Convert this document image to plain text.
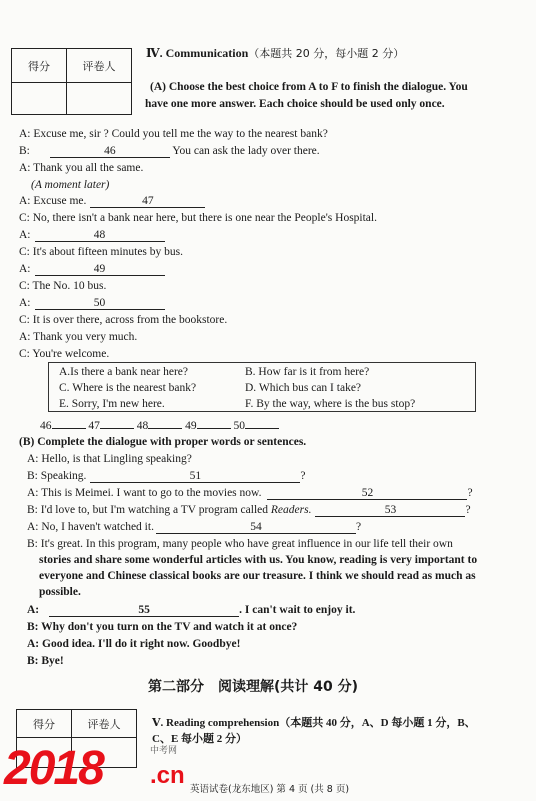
得分	评卷人

Ⅳ. Communication（本题共 20 分，每小题 2 分）
(A) Choose the best choice from A to F to finish the dialogue. You
have one more answer. Each choice should be used only once.
A: Excuse me, sir ? Could you tell me the way to the nearest bank?
B:	46	You can ask the lady over there.
A: Thank you all the same.
(A moment later)
A: Excuse me.	47
C: No, there isn't a bank near here, but there is one near the People's Hospital.
A:	48
C: It's about fifteen minutes by bus.
A:	49
C: The No. 10 bus.
A:	50
C: It is over there, across from the bookstore.
A: Thank you very much.
C: You're welcome.
A.Is there a bank near here?	B. How far is it from here?
C. Where is the nearest bank?	D. Which bus can I take?
E. Sorry, I'm new here.	F. By the way, where is the bus stop?
46	47	48	49	50
(B) Complete the dialogue with proper words or sentences.
A: Hello, is that Lingling speaking?
B: Speaking.	51	?
A: This is Meimei. I want to go to the movies now.	52	?
B: I'd love to, but I'm watching a TV program called Readers.	53	?
A: No, I haven't watched it.	54	?
B: It's great. In this program, many people who have great influence in our life tell their own
stories and share some wonderful articles with us. You know, reading is very important to
everyone and Chinese classical books are our treasure. I think we should read as much as
possible.
A:	55	. I can't wait to enjoy it.
B: Why don't you turn on the TV and watch it at once?
A: Good idea. I'll do it right now. Goodbye!
B: Bye!
第二部分　阅读理解(共计 40 分)
得分	评卷人
		Ⅴ. Reading comprehension（本题共 40 分，A、D 每小题 1 分，B、
C、E 每小题 2 分）
2018 .cn
中考网
英语试卷(龙东地区) 第 4 页 (共 8 页)
